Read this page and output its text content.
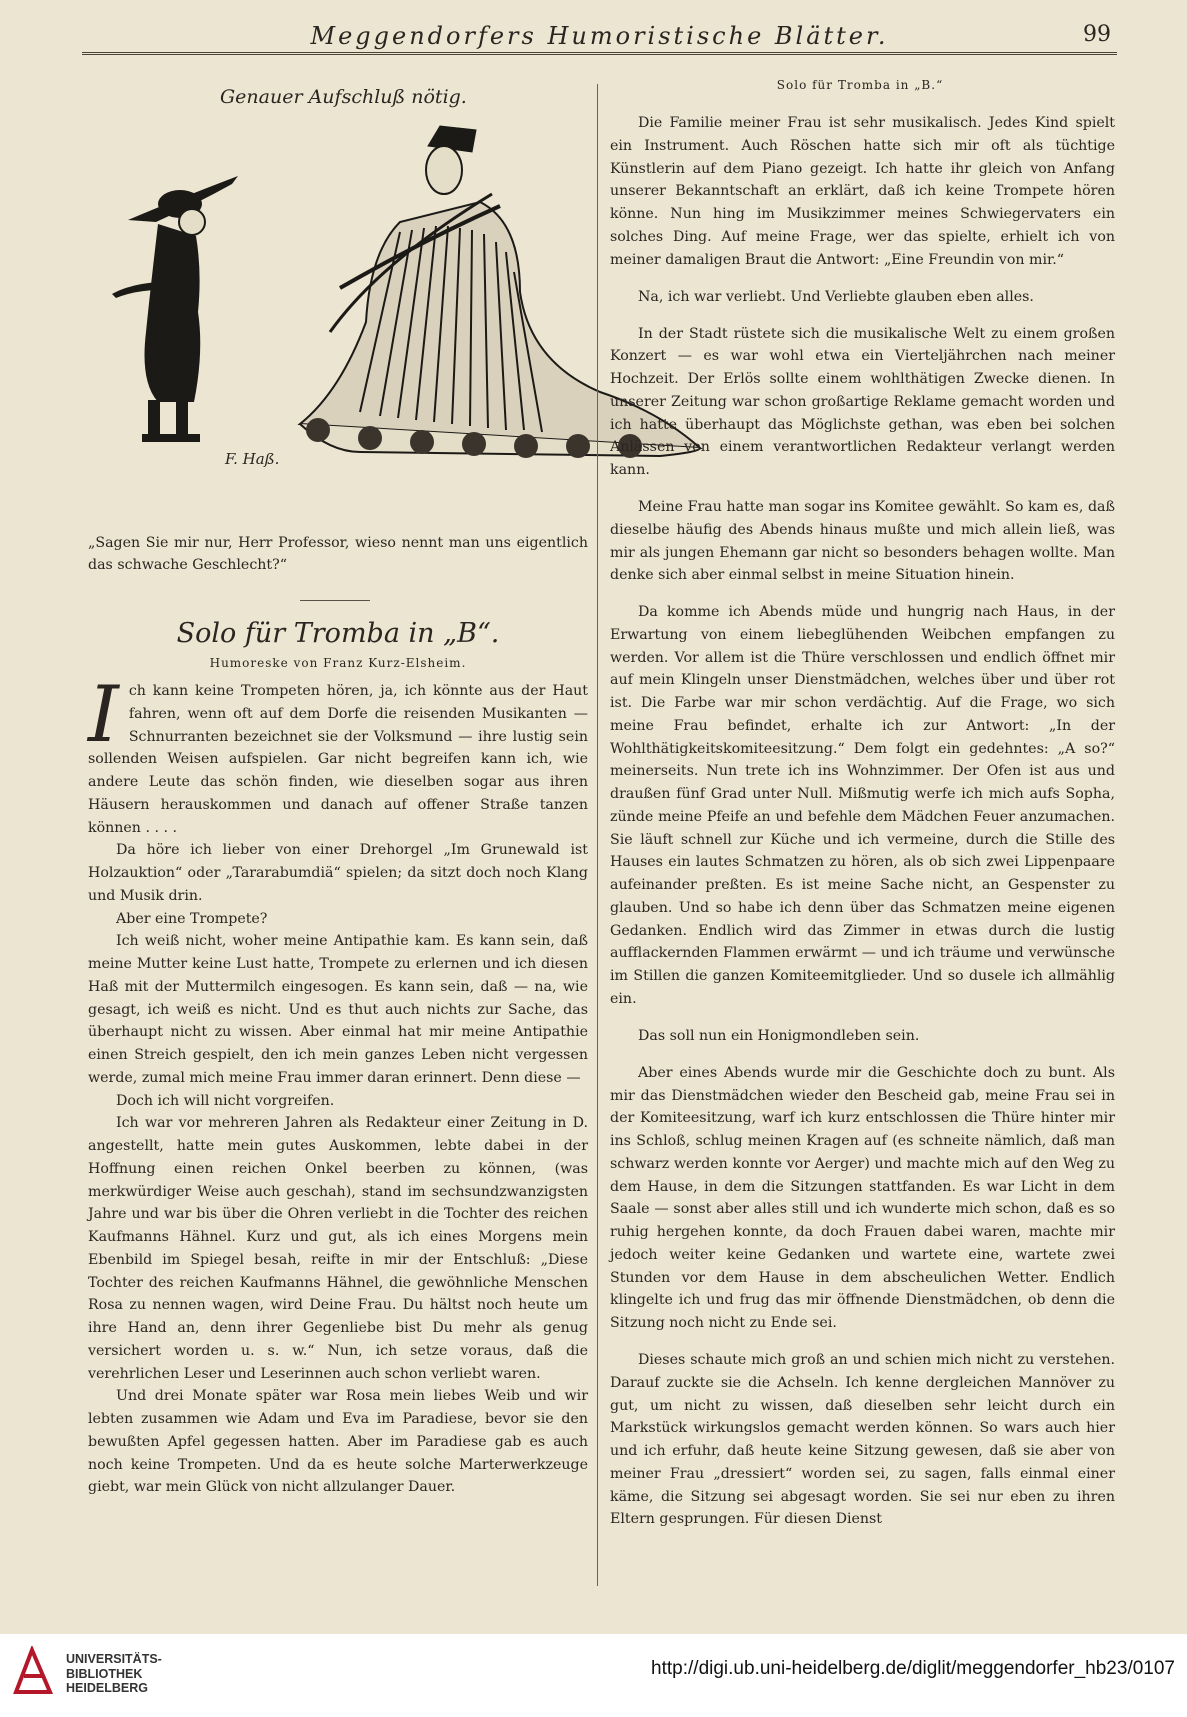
Meggendorfers Humoristische Blätter.	99
Genauer Aufschluß nötig.
F. Haß.
„Sagen Sie mir nur, Herr Professor, wieso nennt man uns eigentlich das schwache Geschlecht?“
Solo für Tromba in „B“.
Humoreske von Franz Kurz-Elsheim.

Ich kann keine Trompeten hören, ja, ich könnte aus der Haut fahren, wenn oft auf dem Dorfe die reisenden Musikanten — Schnurranten bezeichnet sie der Volksmund — ihre lustig sein sollenden Weisen aufspielen. Gar nicht begreifen kann ich, wie andere Leute das schön finden, wie dieselben sogar aus ihren Häusern herauskommen und danach auf offener Straße tanzen können . . . .

Da höre ich lieber von einer Drehorgel „Im Grunewald ist Holzauktion“ oder „Tararabumdiä“ spielen; da sitzt doch noch Klang und Musik drin.

Aber eine Trompete?

Ich weiß nicht, woher meine Antipathie kam. Es kann sein, daß meine Mutter keine Lust hatte, Trompete zu erlernen und ich diesen Haß mit der Muttermilch eingesogen. Es kann sein, daß — na, wie gesagt, ich weiß es nicht. Und es thut auch nichts zur Sache, das überhaupt nicht zu wissen. Aber einmal hat mir meine Antipathie einen Streich gespielt, den ich mein ganzes Leben nicht vergessen werde, zumal mich meine Frau immer daran erinnert. Denn diese —

Doch ich will nicht vorgreifen.

Ich war vor mehreren Jahren als Redakteur einer Zeitung in D. angestellt, hatte mein gutes Auskommen, lebte dabei in der Hoffnung einen reichen Onkel beerben zu können, (was merkwürdiger Weise auch geschah), stand im sechsundzwanzigsten Jahre und war bis über die Ohren verliebt in die Tochter des reichen Kaufmanns Hähnel. Kurz und gut, als ich eines Morgens mein Ebenbild im Spiegel besah, reifte in mir der Entschluß: „Diese Tochter des reichen Kaufmanns Hähnel, die gewöhnliche Menschen Rosa zu nennen wagen, wird Deine Frau. Du hältst noch heute um ihre Hand an, denn ihrer Gegenliebe bist Du mehr als genug versichert worden u. s. w.“ Nun, ich setze voraus, daß die verehrlichen Leser und Leserinnen auch schon verliebt waren.

Und drei Monate später war Rosa mein liebes Weib und wir lebten zusammen wie Adam und Eva im Paradiese, bevor sie den bewußten Apfel gegessen hatten. Aber im Paradiese gab es auch noch keine Trompeten. Und da es heute solche Marterwerkzeuge giebt, war mein Glück von nicht allzulanger Dauer.

Solo für Tromba in „B.“

Die Familie meiner Frau ist sehr musikalisch. Jedes Kind spielt ein Instrument. Auch Röschen hatte sich mir oft als tüchtige Künstlerin auf dem Piano gezeigt. Ich hatte ihr gleich von Anfang unserer Bekanntschaft an erklärt, daß ich keine Trompete hören könne. Nun hing im Musikzimmer meines Schwiegervaters ein solches Ding. Auf meine Frage, wer das spielte, erhielt ich von meiner damaligen Braut die Antwort: „Eine Freundin von mir.“

Na, ich war verliebt. Und Verliebte glauben eben alles.

In der Stadt rüstete sich die musikalische Welt zu einem großen Konzert — es war wohl etwa ein Vierteljährchen nach meiner Hochzeit. Der Erlös sollte einem wohlthätigen Zwecke dienen. In unserer Zeitung war schon großartige Reklame gemacht worden und ich hatte überhaupt das Möglichste gethan, was eben bei solchen Anlässen von einem verantwortlichen Redakteur verlangt werden kann.

Meine Frau hatte man sogar ins Komitee gewählt. So kam es, daß dieselbe häufig des Abends hinaus mußte und mich allein ließ, was mir als jungen Ehemann gar nicht so besonders behagen wollte. Man denke sich aber einmal selbst in meine Situation hinein.

Da komme ich Abends müde und hungrig nach Haus, in der Erwartung von einem liebeglühenden Weibchen empfangen zu werden. Vor allem ist die Thüre verschlossen und endlich öffnet mir auf mein Klingeln unser Dienstmädchen, welches über und über rot ist. Die Farbe war mir schon verdächtig. Auf die Frage, wo sich meine Frau befindet, erhalte ich zur Antwort: „In der Wohlthätigkeitskomiteesitzung.“ Dem folgt ein gedehntes: „A so?“ meinerseits. Nun trete ich ins Wohnzimmer. Der Ofen ist aus und draußen fünf Grad unter Null. Mißmutig werfe ich mich aufs Sopha, zünde meine Pfeife an und befehle dem Mädchen Feuer anzumachen. Sie läuft schnell zur Küche und ich vermeine, durch die Stille des Hauses ein lautes Schmatzen zu hören, als ob sich zwei Lippenpaare aufeinander preßten. Es ist meine Sache nicht, an Gespenster zu glauben. Und so habe ich denn über das Schmatzen meine eigenen Gedanken. Endlich wird das Zimmer in etwas durch die lustig aufflackernden Flammen erwärmt — und ich träume und verwünsche im Stillen die ganzen Komiteemitglieder. Und so duselе ich allmählig ein.

Das soll nun ein Honigmondleben sein.

Aber eines Abends wurde mir die Geschichte doch zu bunt. Als mir das Dienstmädchen wieder den Bescheid gab, meine Frau sei in der Komiteesitzung, warf ich kurz entschlossen die Thüre hinter mir ins Schloß, schlug meinen Kragen auf (es schneite nämlich, daß man schwarz werden konnte vor Aerger) und machte mich auf den Weg zu dem Hause, in dem die Sitzungen stattfanden. Es war Licht in dem Saale — sonst aber alles still und ich wunderte mich schon, daß es so ruhig hergehen konnte, da doch Frauen dabei waren, machte mir jedoch weiter keine Gedanken und wartete eine, wartete zwei Stunden vor dem Hause in dem abscheulichen Wetter. Endlich klingelte ich und frug das mir öffnende Dienstmädchen, ob denn die Sitzung noch nicht zu Ende sei.

Dieses schaute mich groß an und schien mich nicht zu verstehen. Darauf zuckte sie die Achseln. Ich kenne dergleichen Mannöver zu gut, um nicht zu wissen, daß dieselben sehr leicht durch ein Markstück wirkungslos gemacht werden können. So wars auch hier und ich erfuhr, daß heute keine Sitzung gewesen, daß sie aber von meiner Frau „dressiert“ worden sei, zu sagen, falls einmal einer käme, die Sitzung sei abgesagt worden. Sie sei nur eben zu ihren Eltern gesprungen. Für diesen Dienst

UNIVERSITÄTS-
BIBLIOTHEK
HEIDELBERG
http://digi.ub.uni-heidelberg.de/diglit/meggendorfer_hb23/0107
